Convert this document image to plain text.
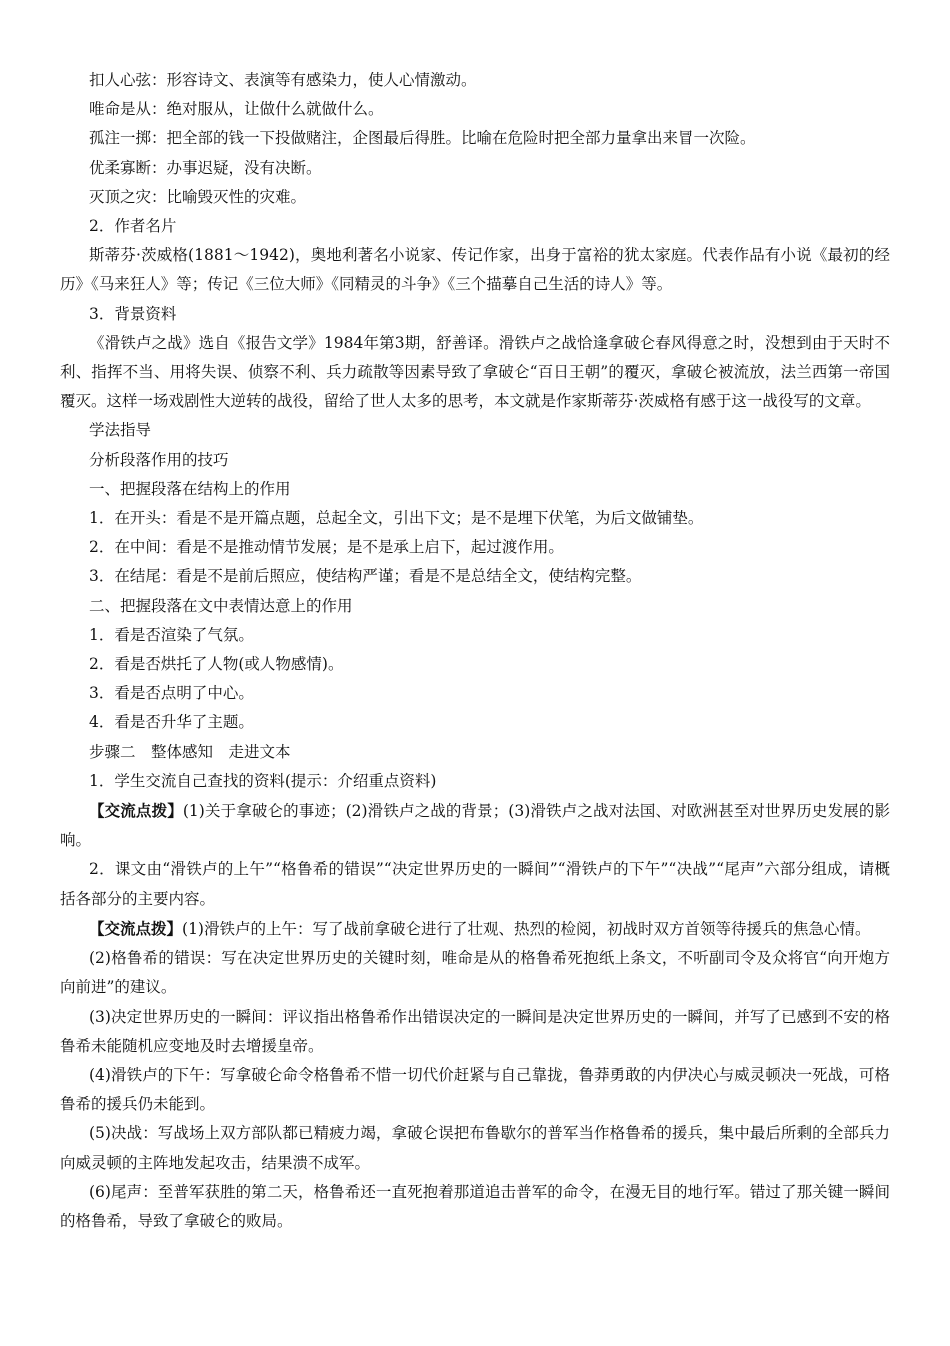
扣人心弦：形容诗文、表演等有感染力，使人心情激动。

唯命是从：绝对服从，让做什么就做什么。

孤注一掷：把全部的钱一下投做赌注，企图最后得胜。比喻在危险时把全部力量拿出来冒一次险。

优柔寡断：办事迟疑，没有决断。

灭顶之灾：比喻毁灭性的灾难。

2．作者名片

斯蒂芬·茨威格(1881～1942)，奥地利著名小说家、传记作家，出身于富裕的犹太家庭。代表作品有小说《最初的经历》《马来狂人》等；传记《三位大师》《同精灵的斗争》《三个描摹自己生活的诗人》等。

3．背景资料

《滑铁卢之战》选自《报告文学》1984年第3期，舒善译。滑铁卢之战恰逢拿破仑春风得意之时，没想到由于天时不利、指挥不当、用将失误、侦察不利、兵力疏散等因素导致了拿破仑“百日王朝”的覆灭，拿破仑被流放，法兰西第一帝国覆灭。这样一场戏剧性大逆转的战役，留给了世人太多的思考，本文就是作家斯蒂芬·茨威格有感于这一战役写的文章。

学法指导

分析段落作用的技巧

一、把握段落在结构上的作用

1．在开头：看是不是开篇点题，总起全文，引出下文；是不是埋下伏笔，为后文做铺垫。

2．在中间：看是不是推动情节发展；是不是承上启下，起过渡作用。

3．在结尾：看是不是前后照应，使结构严谨；看是不是总结全文，使结构完整。

二、把握段落在文中表情达意上的作用

1．看是否渲染了气氛。

2．看是否烘托了人物(或人物感情)。

3．看是否点明了中心。

4．看是否升华了主题。

步骤二　整体感知　走进文本

1．学生交流自己查找的资料(提示：介绍重点资料)

【交流点拨】(1)关于拿破仑的事迹；(2)滑铁卢之战的背景；(3)滑铁卢之战对法国、对欧洲甚至对世界历史发展的影响。

2．课文由“滑铁卢的上午”“格鲁希的错误”“决定世界历史的一瞬间”“滑铁卢的下午”“决战”“尾声”六部分组成，请概括各部分的主要内容。

【交流点拨】(1)滑铁卢的上午：写了战前拿破仑进行了壮观、热烈的检阅，初战时双方首领等待援兵的焦急心情。

(2)格鲁希的错误：写在决定世界历史的关键时刻，唯命是从的格鲁希死抱纸上条文，不听副司令及众将官“向开炮方向前进”的建议。

(3)决定世界历史的一瞬间：评议指出格鲁希作出错误决定的一瞬间是决定世界历史的一瞬间，并写了已感到不安的格鲁希未能随机应变地及时去增援皇帝。

(4)滑铁卢的下午：写拿破仑命令格鲁希不惜一切代价赶紧与自己靠拢，鲁莽勇敢的内伊决心与威灵顿决一死战，可格鲁希的援兵仍未能到。

(5)决战：写战场上双方部队都已精疲力竭，拿破仑误把布鲁歇尔的普军当作格鲁希的援兵，集中最后所剩的全部兵力向威灵顿的主阵地发起攻击，结果溃不成军。

(6)尾声：至普军获胜的第二天，格鲁希还一直死抱着那道追击普军的命令，在漫无目的地行军。错过了那关键一瞬间的格鲁希，导致了拿破仑的败局。
